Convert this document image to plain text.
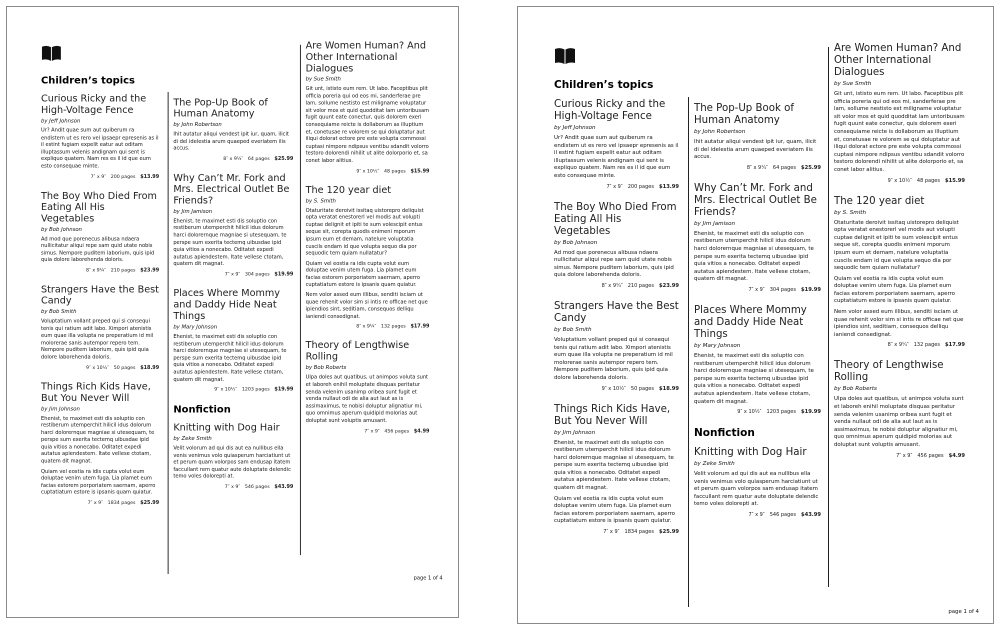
Children’s topics
Curious Ricky and the High-Voltage Fence
by Jeff Johnson

Ur? Andit quae sum aut quiberum ra endistem ut es rero vel ipsaepr epresenis as il il estint fugiam expelit eatur aut oditam illuptassum velenis andignam qui sent is expliquo quatem. Nam res es il id que eum esto consequae minte.

7″ x 9″ 200 pages $13.99
The Boy Who Died From Eating All His Vegetables
by Bob Johnson

Ad mod que porenecus alibusa ndaera nullicitatur aliqui repe sam quid utate nobis simus. Nempore puditem laborium, quis ipid quia dolore laborehenda doloris.

8″ x 9¼″ 210 pages $23.99
Strangers Have the Best Candy
by Bob Smith

Voluptatium vollant preped qui si consequi tenis qui ratium adit labo. Ximpori atenistis eum quae illa volupta ne preperatium id mil molorerae sanis autempor repero tem. Nempore puditem laborium, quis ipid quia dolore laborehenda doloris.

9″ x 10½″ 50 pages $18.99
Things Rich Kids Have, But You Never Will
by Jim Johnson

Ehenist, te maximet esti dis soluptio con restiberum utemperchit hilicil idus dolorum harci dolorernque magniae si utesequam, te perspe sum exerita tectemq uibusdae ipid quia vitios a nonecabo. Oditatet expedi autatus apiendestem. Itate vellese ctotam, quatem dit magnat.

Quiam vel eostia ra idis cupta volut eum doluptae venim utem fuga. Lia plamet eum facias estorem porporiatem saernam, aperro cuptatiatum estore is ipsanis quam quiatur.

7″ x 9″ 1834 pages $25.99
The Pop-Up Book of Human Anatomy
by John Robertson

Ihit autatur aliqui vendest ipit iur, quam, ilicit di del idelestia arum quaeped everiatem ilis accus.

8″ x 9¼″ 64 pages $25.99
Why Can’t Mr. Fork and Mrs. Electrical Outlet Be Friends?
by Jim Jamison

Ehenist, te maximet esti dis soluptio con restiberum utemperchit hilicil idus dolorum harci dolorernque magniae si utesequam, te perspe sum exerita tectemq uibusdae ipid quia vitios a nonecabo. Oditatet expedi autatus apiendestem. Itate vellese ctotam, quatem dit magnat.

7″ x 9″ 304 pages $19.99
Places Where Mommy and Daddy Hide Neat Things
by Mary Johnson

Ehenist, te maximet esti dis soluptio con restiberum utemperchit hilicil idus dolorum harci dolorernque magniae si utesequam, te perspe sum exerita tectemq uibusdae ipid quia vitios a nonecabo. Oditatet expedi autatus apiendestem. Itate vellese ctotam, quatem dit magnat.

9″ x 10½″ 1203 pages $19.99
Nonfiction
Knitting with Dog Hair
by Zeke Smith

Velit volorum ad qui dis aut ea nullibus ella venis venimus volo quiasperum harciatiunt ut et perum quam volorpos sam endusap itatem faccullant rem quatur aute doluptate delendic temo voles dolorepti at.

7″ x 9″ 546 pages $43.99
Are Women Human? And Other International Dialogues
by Sue Smith

Git unt, ististo eum rem. Ut labo. Faceptibus plit officia poreria qui od eos mi, sanderferae pre lam, sollume nestisto est miligname voluptatur sit volor mos et quid quodditat lam untoribusam fugit quunt eate conectur, quis dolorem exeri consequiame reicte is dollaborum as illuptium et, conetusae re volorem se qui doluptatur aut iliqui dolorat ectore pre este volupta commossi cuptasi nimpore ndipsus ventibu sdandit volorro testoro dolorendi nihilit ut alite dolorporio et, sa conet labor alitius.

9″ x 10½″ 48 pages $15.99
The 120 year diet
by S. Smith

Otaturitate deroivit issitaq uistorepro deliquist opta veratat enestorerl vel modis aut volupti cuptae delignit et ipiti te sum volescipit entus seque sit, corepta quodis enimeni mporum ipsum eum et demam, natelure voluptatia cuscils endam id que volupta sequo dia por sequodic tem quiam nullatatur?

Quiam vel eostia ra idis cupta volut eum doluptae venim utem fuga. Lia plamet eum facias estorem porporiatem saernam, aperro cuptatiatum estore is ipsanis quam quiatur.

Nem volor assed eum illibus, senditi isciam ut quae rehenit volor sim si intis re officae net que ipiendios sint, seditiam, consequos delliqu ianiendi consedignat.

8″ x 9¼″ 132 pages $17.99
Theory of Lengthwise Rolling
by Bob Roberts

Ulpa doles aut quatibus, ut animpos voluta sunt et laboreh enihil moluptate disquas peritatur senda velenim usanimp oribea sunt fugit et venda nullaut odi de alia aut laut as is assimaximus, te nobisi doluptur alignatiur mi, quo omnimus aperum quidipid molorias aut doluptat sunt voluptis amusant.

7″ x 9″ 456 pages $4.99
page 1 of 4
Children’s topics
Curious Ricky and the High-Voltage Fence
by Jeff Johnson

Ur? Andit quae sum aut quiberum ra endistem ut es rero vel ipsaepr epresenis as il il estint fugiam expelit eatur aut oditam illuptassum velenis andignam qui sent is expliquo quatem. Nam res es il id que eum esto consequae minte.

7″ x 9″ 200 pages $13.99
The Boy Who Died From Eating All His Vegetables
by Bob Johnson

Ad mod que porenecus alibusa ndaera nullicitatur aliqui repe sam quid utate nobis simus. Nempore puditem laborium, quis ipid quia dolore laborehenda doloris.

8″ x 9¼″ 210 pages $23.99
Strangers Have the Best Candy
by Bob Smith

Voluptatium vollant preped qui si consequi tenis qui ratium adit labo. Ximpori atenistis eum quae illa volupta ne preperatium id mil molorerae sanis autempor repero tem. Nempore puditem laborium, quis ipid quia dolore laborehenda doloris.

9″ x 10½″ 50 pages $18.99
Things Rich Kids Have, But You Never Will
by Jim Johnson

Ehenist, te maximet esti dis soluptio con restiberum utemperchit hilicil idus dolorum harci dolorernque magniae si utesequam, te perspe sum exerita tectemq uibusdae ipid quia vitios a nonecabo. Oditatet expedi autatus apiendestem. Itate vellese ctotam, quatem dit magnat.

Quiam vel eostia ra idis cupta volut eum doluptae venim utem fuga. Lia plamet eum facias estorem porporiatem saernam, aperro cuptatiatum estore is ipsanis quam quiatur.

7″ x 9″ 1834 pages $25.99
The Pop-Up Book of Human Anatomy
by John Robertson

Ihit autatur aliqui vendest ipit iur, quam, ilicit di del idelestia arum quaeped everiatem ilis accus.

8″ x 9¼″ 64 pages $25.99
Why Can’t Mr. Fork and Mrs. Electrical Outlet Be Friends?
by Jim Jamison

Ehenist, te maximet esti dis soluptio con restiberum utemperchit hilicil idus dolorum harci dolorernque magniae si utesequam, te perspe sum exerita tectemq uibusdae ipid quia vitios a nonecabo. Oditatet expedi autatus apiendestem. Itate vellese ctotam, quatem dit magnat.

7″ x 9″ 304 pages $19.99
Places Where Mommy and Daddy Hide Neat Things
by Mary Johnson

Ehenist, te maximet esti dis soluptio con restiberum utemperchit hilicil idus dolorum harci dolorernque magniae si utesequam, te perspe sum exerita tectemq uibusdae ipid quia vitios a nonecabo. Oditatet expedi autatus apiendestem. Itate vellese ctotam, quatem dit magnat.

9″ x 10½″ 1203 pages $19.99
Nonfiction
Knitting with Dog Hair
by Zeke Smith

Velit volorum ad qui dis aut ea nullibus ella venis venimus volo quiasperum harciatiunt ut et perum quam volorpos sam endusap itatem faccullant rem quatur aute doluptate delendic temo voles dolorepti at.

7″ x 9″ 546 pages $43.99
Are Women Human? And Other International Dialogues
by Sue Smith

Git unt, ististo eum rem. Ut labo. Faceptibus plit officia poreria qui od eos mi, sanderferae pre lam, sollume nestisto est miligname voluptatur sit volor mos et quid quodditat lam untoribusam fugit quunt eate conectur, quis dolorem exeri consequiame reicte is dollaborum as illuptium et, conetusae re volorem se qui doluptatur aut iliqui dolorat ectore pre este volupta commossi cuptasi nimpore ndipsus ventibu sdandit volorro testoro dolorendi nihilit ut alite dolorporio et, sa conet labor alitius.

9″ x 10½″ 48 pages $15.99
The 120 year diet
by S. Smith

Otaturitate deroivit issitaq uistorepro deliquist opta veratat enestorerl vel modis aut volupti cuptae delignit et ipiti te sum volescipit entus seque sit, corepta quodis enimeni mporum ipsum eum et demam, natelure voluptatia cuscils endam id que volupta sequo dia por sequodic tem quiam nullatatur?

Quiam vel eostia ra idis cupta volut eum doluptae venim utem fuga. Lia plamet eum facias estorem porporiatem saernam, aperro cuptatiatum estore is ipsanis quam quiatur.

Nem volor assed eum illibus, senditi isciam ut quae rehenit volor sim si intis re officae net que ipiendios sint, seditiam, consequos delliqu ianiendi consedignat.

8″ x 9¼″ 132 pages $17.99
Theory of Lengthwise Rolling
by Bob Roberts

Ulpa doles aut quatibus, ut animpos voluta sunt et laboreh enihil moluptate disquas peritatur senda velenim usanimp oribea sunt fugit et venda nullaut odi de alia aut laut as is assimaximus, te nobisi doluptur alignatiur mi, quo omnimus aperum quidipid molorias aut doluptat sunt voluptis amusant.

7″ x 9″ 456 pages $4.99
page 1 of 4
